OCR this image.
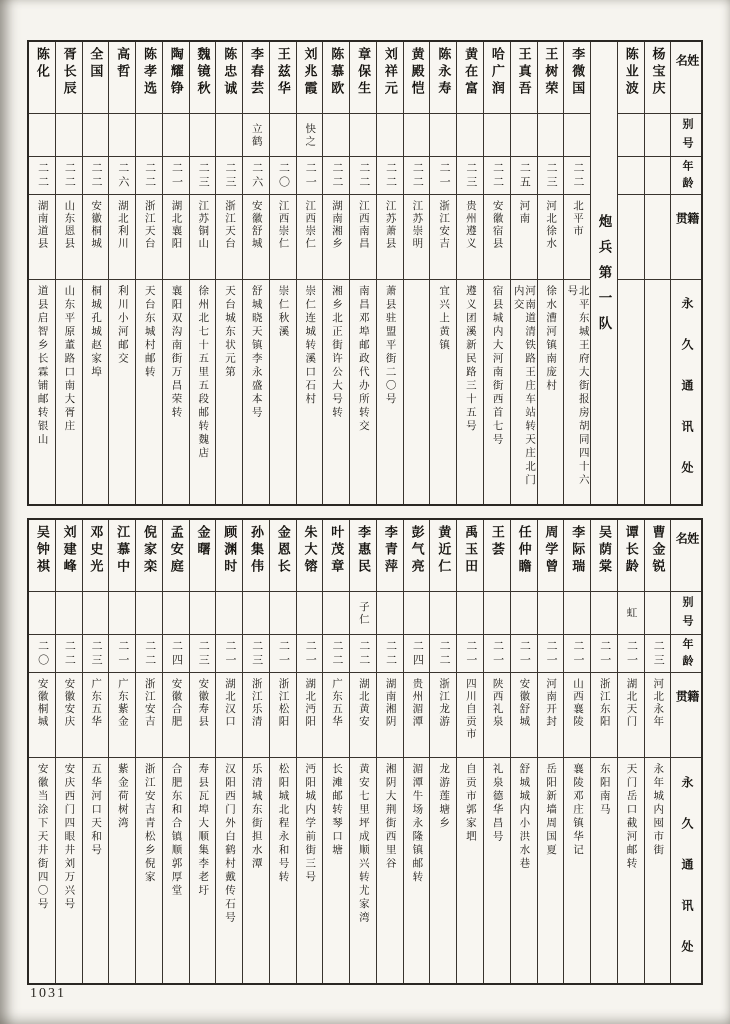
姓名
别号
年龄
籍贯
永久通讯处
杨宝庆
陈业波
炮兵第一队
李微国
二二
北平市
北平东城王府大街报房胡同四十六号
王树荣
二三
河北徐水
徐水漕河镇南庞村
王真吾
二五
河南
河南道清铁路王庄车站转天庄北门内交
哈广润
二二
安徽宿县
宿县城内大河南街西首七号
黄在富
二三
贵州遵义
遵义团溪新民路三十五号
陈永寿
二一
浙江安吉
宜兴上黄镇
黄殿恺
二二
江苏崇明
刘祥元
二二
江苏萧县
萧县驻盟平街二〇号
章保生
二二
江西南昌
南昌邓埠邮政代办所转交
陈慕欧
二二
湖南湘乡
湘乡北正街许公大号转
刘兆霞
快之
二一
江西崇仁
崇仁连城转溪口石村
王兹华
二〇
江西崇仁
崇仁秋溪
李春芸
立鹤
二六
安徽舒城
舒城晓天镇李永盛本号
陈忠诚
二三
浙江天台
天台城东状元第
魏镜秋
二三
江苏铜山
徐州北七十五里五段邮转魏店
陶耀铮
二一
湖北襄阳
襄阳双沟南街万昌荣转
陈孝选
二二
浙江天台
天台东城村邮转
高哲
二六
湖北利川
利川小河邮交
全国
二二
安徽桐城
桐城孔城赵家埠
胥长辰
二二
山东恩县
山东平原董路口南大胥庄
陈化
二二
湖南道县
道县启智乡长霖铺邮转银山
姓名
别号
年龄
籍贯
永久通讯处
曹金锐
二三
河北永年
永年城内囤市街
谭长龄
虹
二一
湖北天门
天门岳口截河邮转
吴荫棠
二一
浙江东阳
东阳南马
李际瑞
二一
山西襄陵
襄陵邓庄镇华记
周学曾
二一
河南开封
岳阳新墙周国夏
任仲瞻
二一
安徽舒城
舒城城内小洪水巷
王荟
二一
陕西礼泉
礼泉德华昌号
禹玉田
二一
四川自贡市
自贡市郭家垇
黄近仁
二二
浙江龙游
龙游莲塘乡
彭气亮
二四
贵州湄潭
湄潭牛场永隆镇邮转
李青萍
二二
湖南湘阴
湘阴大荆街西里谷
李惠民
子仁
二二
湖北黄安
黄安七里坪成顺兴转尤家湾
叶茂章
二二
广东五华
长滩邮转琴口塘
朱大镕
二一
湖北沔阳
沔阳城内学前街三号
金恩长
二一
浙江松阳
松阳城北程永和号转
孙集伟
二三
浙江乐清
乐清城东街担水潭
顾渊时
二一
湖北汉口
汉阳西门外白鹤村戴传石号
金曙
二三
安徽寿县
寿县瓦埠大顺集李老圩
孟安庭
二四
安徽合肥
合肥东和合镇顺郭厚堂
倪家栾
二二
浙江安吉
浙江安吉青松乡倪家
江慕中
二一
广东紫金
紫金荷树湾
邓史光
二三
广东五华
五华河口天和号
刘建峰
二二
安徽安庆
安庆西门四眼井刘万兴号
吴钟祺
二〇
安徽桐城
安徽当涂下天井街四〇号
1031
